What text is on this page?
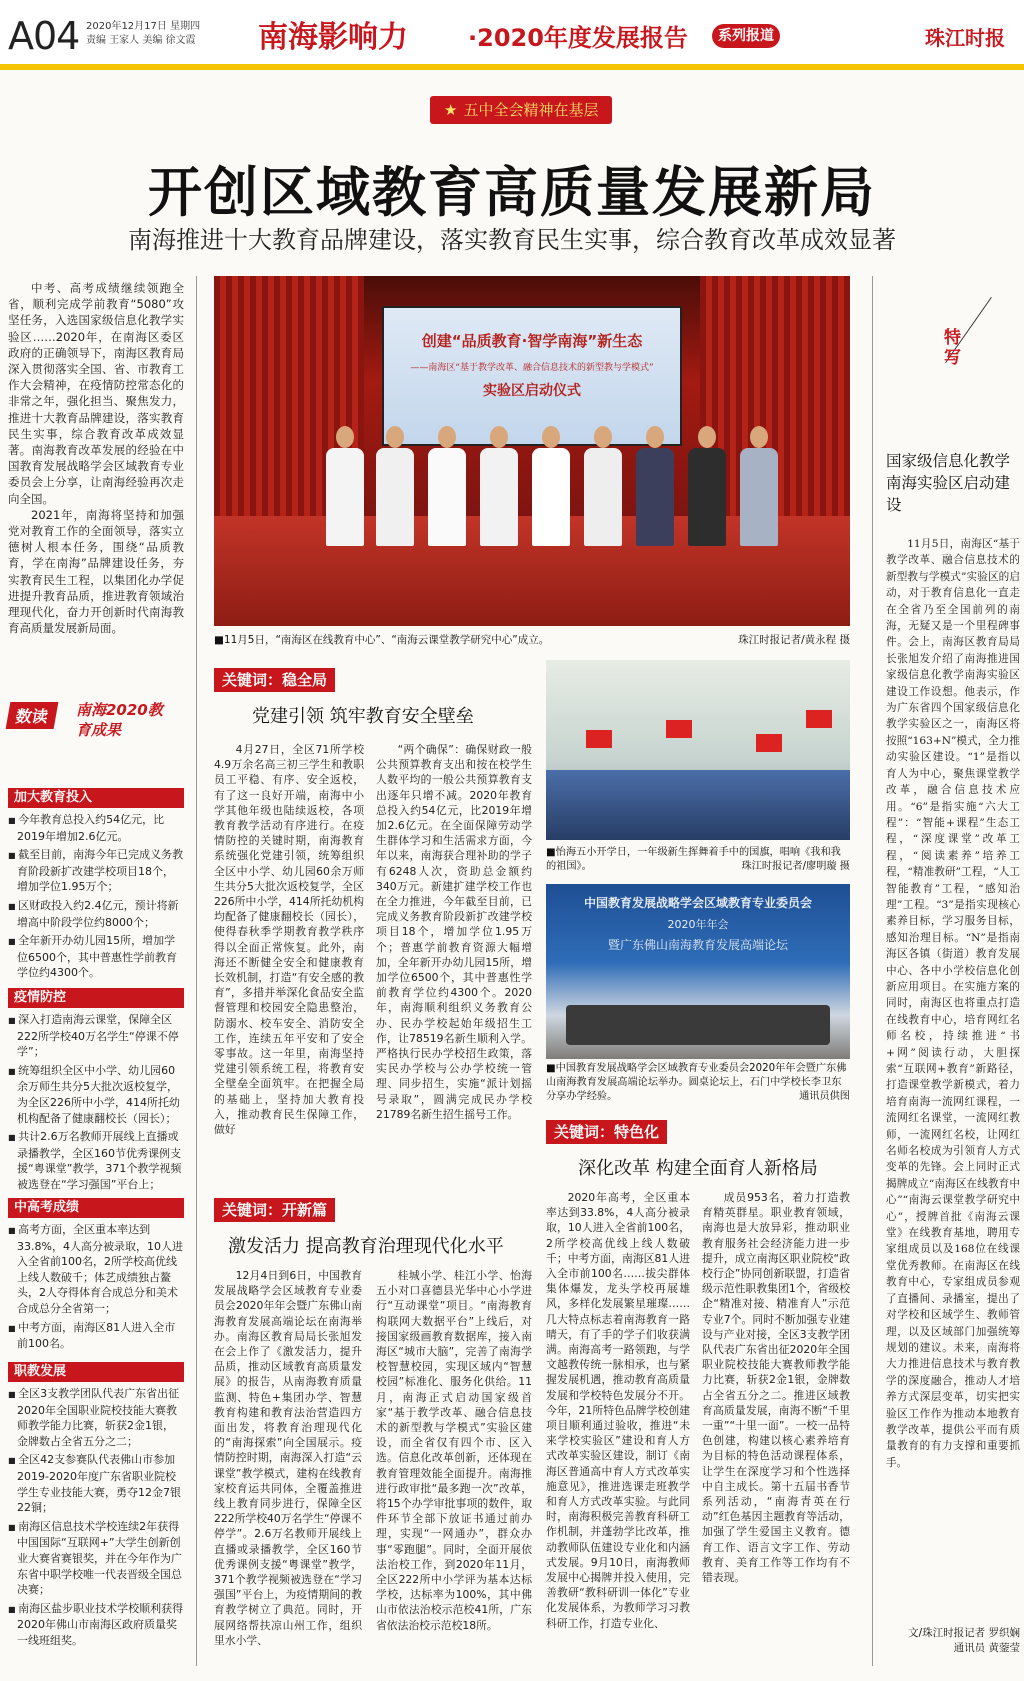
A04 2020年12月17日 星期四
责编 王家人 美编 徐文霞 南海影响力	·2020年度发展报告	系列报道	珠江时报
★ 五中全会精神在基层
开创区域教育高质量发展新局
南海推进十大教育品牌建设，落实教育民生实事，综合教育改革成效显著

中考、高考成绩继续领跑全省，顺利完成学前教育“5080”攻坚任务，入选国家级信息化教学实验区……2020年，在南海区委区政府的正确领导下，南海区教育局深入贯彻落实全国、省、市教育工作大会精神，在疫情防控常态化的非常之年，强化担当、聚焦发力，推进十大教育品牌建设，落实教育民生实事，综合教育改革成效显著。南海教育改革发展的经验在中国教育发展战略学会区域教育专业委员会上分享，让南海经验再次走向全国。

2021年，南海将坚持和加强党对教育工作的全面领导，落实立德树人根本任务，围绕“品质教育，学在南海”品牌建设任务，夯实教育民生工程，以集团化办学促进提升教育品质，推进教育领域治理现代化，奋力开创新时代南海教育高质量发展新局面。

数读	南海2020教育成果
加大教育投入

■ 今年教育总投入约54亿元，比2019年增加2.6亿元。

■ 截至目前，南海今年已完成义务教育阶段新扩改建学校项目18个，增加学位1.95万个；

■ 区财政投入约2.4亿元，预计将新增高中阶段学位约8000个；

■ 全年新开办幼儿园15所，增加学位6500个，其中普惠性学前教育学位约4300个。

疫情防控

■ 深入打造南海云课堂，保障全区222所学校40万名学生“停课不停学”；

■ 统筹组织全区中小学、幼儿园60余万师生共分5大批次返校复学，为全区226所中小学，414所托幼机构配备了健康翻校长（园长）；

■ 共计2.6万名教师开展线上直播或录播教学，全区160节优秀课例支援“粤课堂”教学，371个教学视频被选登在“学习强国”平台上；

中高考成绩

■ 高考方面，全区重本率达到33.8%，4人高分被录取，10人进入全省前100名，2所学校高优线上线人数破千；体艺成绩独占鳌头，2人夺得体育合成总分和美术合成总分全省第一；

■ 中考方面，南海区81人进入全市前100名。

职教发展

■ 全区3支教学团队代表广东省出征2020年全国职业院校技能大赛教师教学能力比赛，斩获2金1银，金牌数占全省五分之二；

■ 全区42支参赛队代表佛山市参加2019-2020年度广东省职业院校学生专业技能大赛，勇夺12金7银22铜；

■ 南海区信息技术学校连续2年获得中国国际“互联网+”大学生创新创业大赛省赛银奖，并在今年作为广东省中职学校唯一代表晋级全国总决赛；

■ 南海区盐步职业技术学校顺利获得2020年佛山市南海区政府质量奖一线班组奖。

创建“品质教育·智学南海”新生态
——南海区“基于教学改革、融合信息技术的新型教与学模式”
实验区启动仪式
■11月5日，“南海区在线教育中心”、“南海云课堂教学研究中心”成立。	珠江时报记者/黄永程 摄
关键词：稳全局
党建引领 筑牢教育安全壁垒
4月27日，全区71所学校4.9万余名高三初三学生和教职员工平稳、有序、安全返校，有了这一良好开端，南海中小学其他年级也陆续返校，各项教育教学活动有序进行。在疫情防控的关键时期，南海教育系统强化党建引领，统筹组织全区中小学、幼儿园60余万师生共分5大批次返校复学，全区226所中小学，414所托幼机构均配备了健康翻校长（园长），使得春秋季学期教育教学秩序得以全面正常恢复。此外，南海还不断健全安全和健康教育长效机制，打造“有安全感的教育”，多措并举深化食品安全监督管理和校园安全隐患整治，防溺水、校车安全、消防安全工作，连续五年平安和了安全零事故。这一年里，南海坚持党建引领系统工程，将教育安全壁垒全面筑牢。在把握全局的基础上，坚持加大教育投入，推动教育民生保障工作，做好
“两个确保”：确保财政一般公共预算教育支出和按在校学生人数平均的一般公共预算教育支出逐年只增不减。2020年教育总投入约54亿元，比2019年增加2.6亿元。在全面保障劳动学生群体学习和生活需求方面，今年以来，南海获合理补助的学子有6248人次，资助总金额约340万元。新建扩建学校工作也在全力推进，今年截至目前，已完成义务教育阶段新扩改建学校项目18个，增加学位1.95万个；普惠学前教育资源大幅增加，全年新开办幼儿园15所，增加学位6500个，其中普惠性学前教育学位约4300个。2020年，南海顺利组织义务教育公办、民办学校起始年级招生工作，让78519名新生顺利入学。严格执行民办学校招生政策，落实民办学校与公办学校统一管理、同步招生，实施“派计划摇号录取”，圆满完成民办学校21789名新生招生摇号工作。
■怡海五小开学日，一年级新生挥舞着手中的国旗，唱响《我和我的祖国》。	珠江时报记者/廖明璇 摄
中国教育发展战略学会区域教育专业委员会
2020年年会
暨广东佛山南海教育发展高端论坛
■中国教育发展战略学会区域教育专业委员会2020年年会暨广东佛山南海教育发展高端论坛举办。圆桌论坛上，石门中学校长李卫东分享办学经验。	通讯员供图
关键词：特色化
深化改革 构建全面育人新格局
2020年高考，全区重本率达到33.8%，4人高分被录取，10人进入全省前100名，2所学校高优线上线人数破千；中考方面，南海区81人进入全市前100名……拔尖群体集体爆发，龙头学校再展雄风，多样化发展繁星璀璨……几大特点标志着南海教育一路晴天，有了手的学子们收获满满。南海高考一路领跑，与学文越教传统一脉相承，也与紧握发展机遇，推动教育高质量发展和学校特色发展分不开。今年，21所特色品牌学校创建项目顺利通过验收，推进“未来学校实验区”建设和育人方式改革实验区建设，制订《南海区普通高中育人方式改革实施意见》，推进选课走班教学和育人方式改革实验。与此同时，南海积极完善教育科研工作机制，并蓬勃学比改革，推动教师队伍建设专业化和内涵式发展。9月10日，南海教师发展中心揭牌并投入使用，完善教研“教科研训一体化”专业化发展体系，为教师学习习教科研工作，打造专业化、
成员953名，着力打造教育精英群星。职业教育领域，南海也是大放异彩，推动职业教育服务社会经济能力进一步提升，成立南海区职业院校“政校行企”协同创新联盟，打造省级示范性职教集团1个，省级校企“精准对接、精准育人”示范专业7个。同时不断加强专业建设与产业对接，全区3支教学团队代表广东省出征2020年全国职业院校技能大赛教师教学能力比赛，斩获2金1银，金牌数占全省五分之二。推进区域教育高质量发展，南海不断“千里一重”“十里一面”。一校一品特色创建，构建以核心素养培育为目标的特色活动课程体系，让学生在深度学习和个性选择中自主成长。第十五届书香节系列活动，“南海青英在行动”红色基因主题教育等活动，加强了学生爱国主义教育。德育工作、语言文字工作、劳动教育、美育工作等工作均有不错表现。
关键词：开新篇
激发活力 提高教育治理现代化水平
12月4日到6日，中国教育发展战略学会区域教育专业委员会2020年年会暨广东佛山南海教育发展高端论坛在南海举办。南海区教育局局长张旭发在会上作了《激发活力，提升品质，推动区域教育高质量发展》的报告，从南海教育质量监测、特色+集团办学、智慧教育构建和教育法治营造四方面出发，将教育治理现代化的“南海探索”向全国展示。疫情防控时期，南海深入打造“云课堂”教学模式，建构在线教育家校育运共同体，全覆盖推进线上教育同步进行，保障全区222所学校40万名学生“停课不停学”。2.6万名教师开展线上直播或录播教学，全区160节优秀课例支援“粤课堂”教学，371个教学视频被选登在“学习强国”平台上，为疫情期间的教育教学树立了典范。同时，开展网络帮扶凉山州工作，组织里水小学、
桂城小学、桂江小学、怡海五小对口喜德县光华中心小学进行“互动课堂”项目。“南海教育构联网大数据平台”上线后，对接国家级画教育数据库，接入南海区“城市大脑”，完善了南海学校智慧校园，实现区域内“智慧校园”标准化、服务化供给。11月，南海正式启动国家级首家“基于教学改革、融合信息技术的新型教与学模式”实验区建设，而全省仅有四个市、区入选。信息化改革创新，还体现在教育管理效能全面提升。南海推进行政审批“最多跑一次”改革，将15个办学审批事项的数件，取件环节全部下放证书通过前办理，实现“一网通办”，群众办事“零跑腿”。同时，全面开展依法治校工作，到2020年11月，全区222所中小学评为基本达标学校，达标率为100%，其中佛山市依法治校示范校41所，广东省依法治校示范校18所。
特写
国家级信息化教学南海实验区启动建设
11月5日，南海区“基于教学改革、融合信息技术的新型教与学模式”实验区的启动，对于教育信息化一直走在全省乃至全国前列的南海，无疑又是一个里程碑事件。会上，南海区教育局局长张旭发介绍了南海推进国家级信息化教学南海实验区建设工作设想。他表示，作为广东省四个国家级信息化教学实验区之一，南海区将按照“163+N”模式，全力推动实验区建设。“1”是指以育人为中心，聚焦课堂教学改革，融合信息技术应用。“6”是指实施“六大工程”：“智能+课程”生态工程，“深度课堂”改革工程，“阅读素养”培养工程，“精准教研”工程，“人工智能教育”工程，“感知治理”工程。“3”是指实现核心素养目标，学习服务目标，感知治理目标。“N”是指南海区各镇（街道）教育发展中心、各中小学校信息化创新应用项目。在实施方案的同时，南海区也将重点打造在线教育中心，培育网红名师名校，持续推进“书+网”阅读行动，大胆探索“互联网+教育”新路径，打造课堂教学新模式，着力培育南海一流网红课程，一流网红名课堂，一流网红教师，一流网红名校，让网红名师名校成为引领育人方式变革的先锋。会上同时正式揭牌成立“南海区在线教育中心”“南海云课堂教学研究中心”，授牌首批《南海云课堂》在线教育基地，聘用专家组成员以及168位在线课堂优秀教师。在南海区在线教育中心，专家组成员参观了直播间、录播室，提出了对学校和区域学生、教师管理，以及区域部门加强统筹规划的建议。未来，南海将大力推进信息技术与教育教学的深度融合，推动人才培养方式深层变革，切实把实验区工作作为推动本地教育教学改革，提供公平而有质量教育的有力支撑和重要抓手。
文/珠江时报记者 罗织娴
通讯员 黄蓥莹
